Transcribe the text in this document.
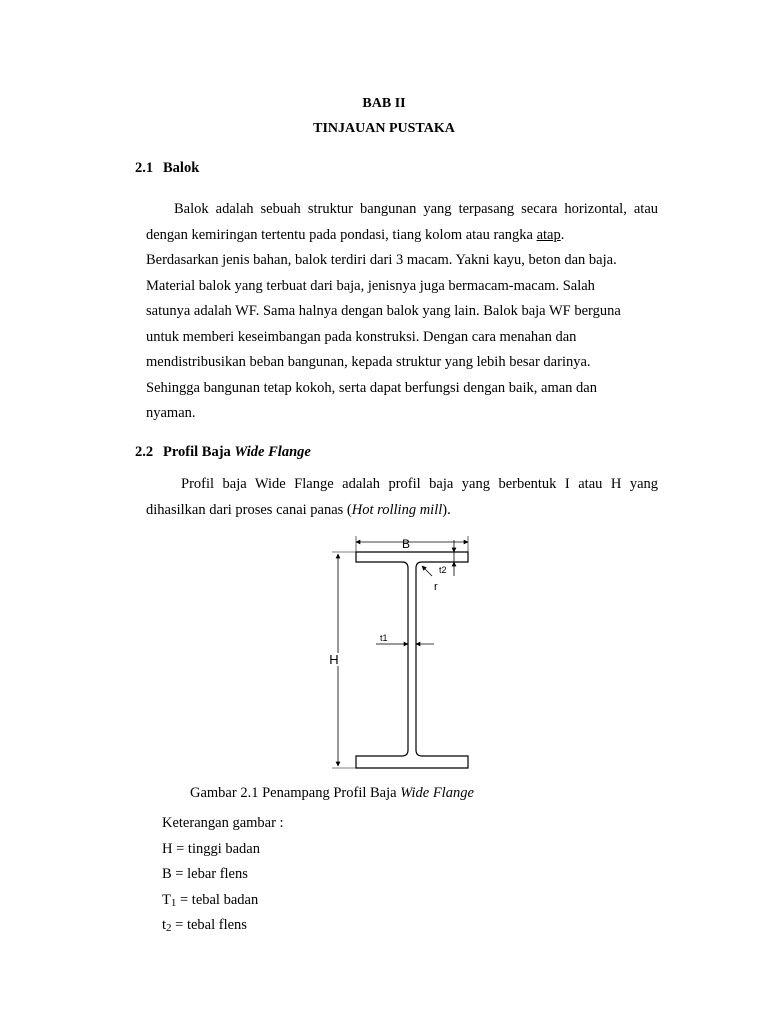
BAB II
TINJAUAN PUSTAKA
2.1 Balok
Balok adalah sebuah struktur bangunan yang terpasang secara horizontal, atau
dengan kemiringan tertentu pada pondasi, tiang kolom atau rangka atap.
Berdasarkan jenis bahan, balok terdiri dari 3 macam. Yakni kayu, beton dan baja.
Material balok yang terbuat dari baja, jenisnya juga bermacam-macam. Salah
satunya adalah WF. Sama halnya dengan balok yang lain. Balok baja WF berguna
untuk memberi keseimbangan pada konstruksi. Dengan cara menahan dan
mendistribusikan beban bangunan, kepada struktur yang lebih besar darinya.
Sehingga bangunan tetap kokoh, serta dapat berfungsi dengan baik, aman dan
nyaman.
2.2 Profil Baja Wide Flange
Profil baja Wide Flange adalah profil baja yang berbentuk I atau H yang
dihasilkan dari proses canai panas (Hot rolling mill).
B
t2
r
t1
H
Gambar 2.1 Penampang Profil Baja Wide Flange
Keterangan gambar :
H = tinggi badan
B = lebar flens
T1 = tebal badan
t2 = tebal flens
